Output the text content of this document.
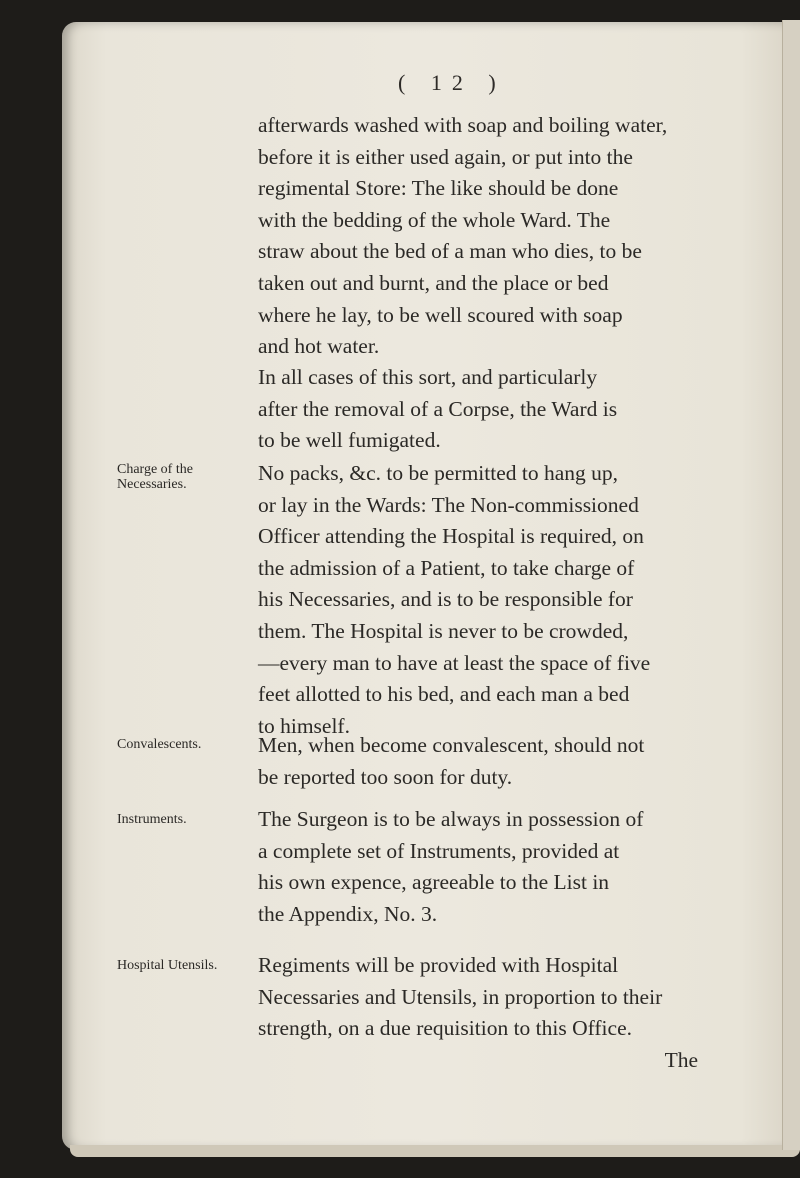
( 12 )
afterwards washed with soap and boiling water,
before it is either used again, or put into the
regimental Store: The like should be done
with the bedding of the whole Ward. The
straw about the bed of a man who dies, to be
taken out and burnt, and the place or bed
where he lay, to be well scoured with soap
and hot water.
In all cases of this sort, and particularly
after the removal of a Corpse, the Ward is
to be well fumigated.
Charge of the Necessaries.	No packs, &c. to be permitted to hang up,
or lay in the Wards: The Non-commissioned
Officer attending the Hospital is required, on
the admission of a Patient, to take charge of
his Necessaries, and is to be responsible for
them. The Hospital is never to be crowded,
—every man to have at least the space of five
feet allotted to his bed, and each man a bed
to himself.
Convalescents.	Men, when become convalescent, should not
be reported too soon for duty.
Instruments.	The Surgeon is to be always in possession of
a complete set of Instruments, provided at
his own expence, agreeable to the List in
the Appendix, No. 3.
Hospital Utensils.	Regiments will be provided with Hospital
Necessaries and Utensils, in proportion to their
strength, on a due requisition to this Office.
The
